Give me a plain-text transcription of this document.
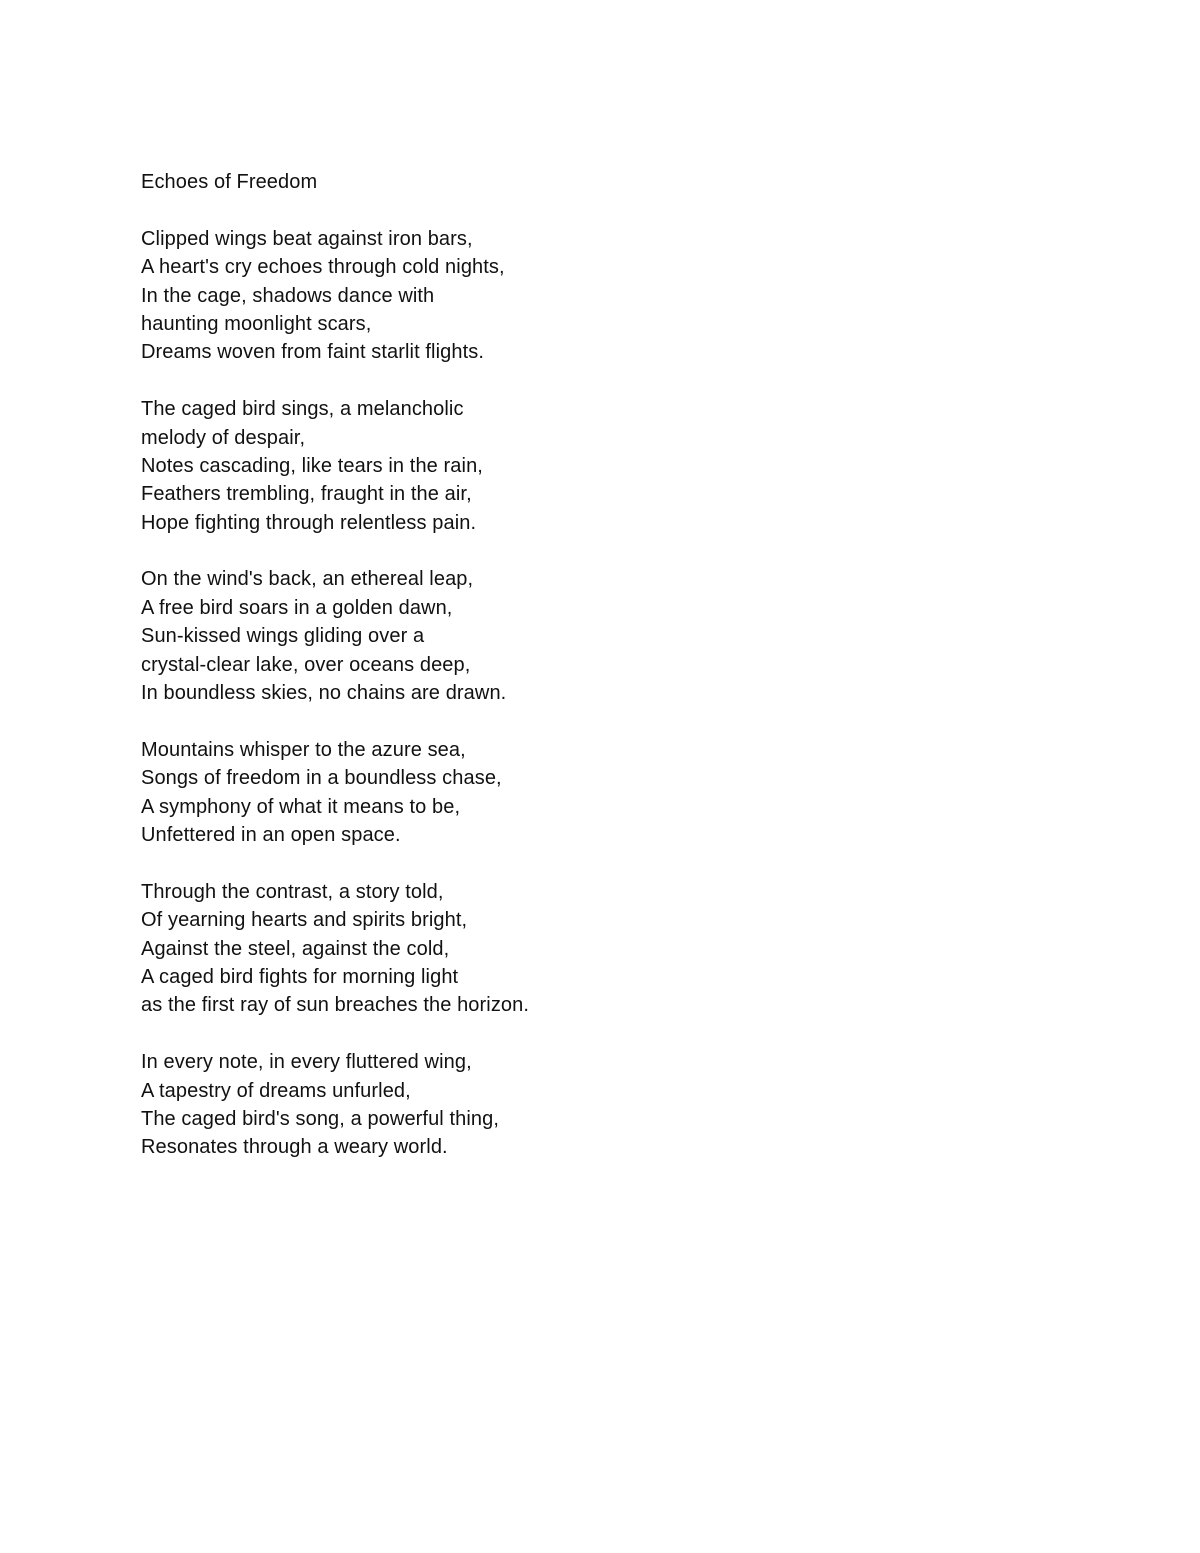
Echoes of Freedom
Clipped wings beat against iron bars,
A heart's cry echoes through cold nights,
In the cage, shadows dance with
haunting moonlight scars,
Dreams woven from faint starlit flights.
The caged bird sings, a melancholic
melody of despair,
Notes cascading, like tears in the rain,
Feathers trembling, fraught in the air,
Hope fighting through relentless pain.
On the wind's back, an ethereal leap,
A free bird soars in a golden dawn,
Sun-kissed wings gliding over a
crystal-clear lake, over oceans deep,
In boundless skies, no chains are drawn.
Mountains whisper to the azure sea,
Songs of freedom in a boundless chase,
A symphony of what it means to be,
Unfettered in an open space.
Through the contrast, a story told,
Of yearning hearts and spirits bright,
Against the steel, against the cold,
A caged bird fights for morning light
as the first ray of sun breaches the horizon.
In every note, in every fluttered wing,
A tapestry of dreams unfurled,
The caged bird's song, a powerful thing,
Resonates through a weary world.
